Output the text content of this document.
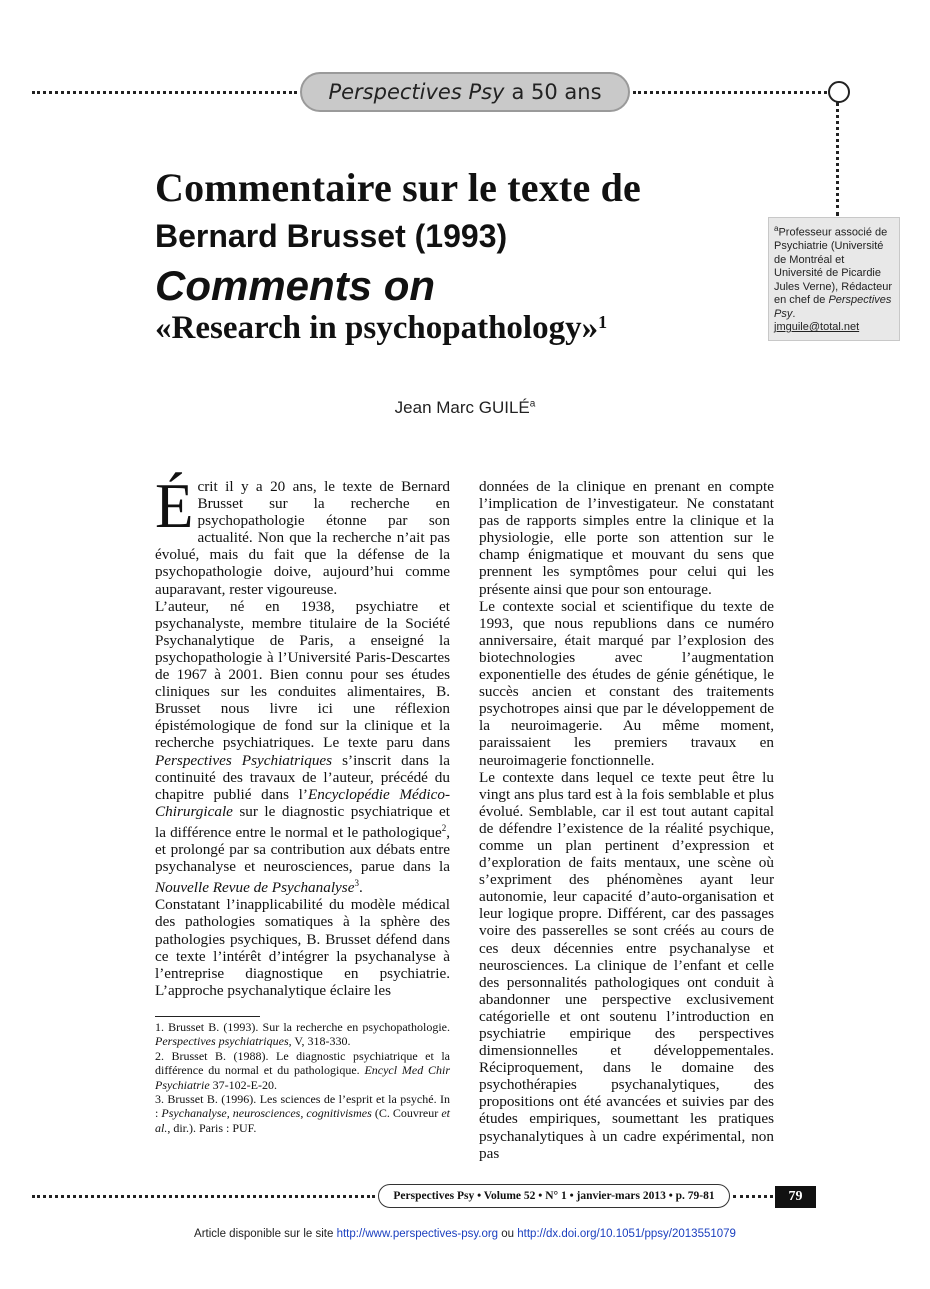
Perspectives Psy a 50 ans
Commentaire sur le texte de
Bernard Brusset (1993)
Comments on
«Research in psychopathology»$^1$
$^a$Professeur associé de Psychiatrie (Université de Montréal et Université de Picardie Jules Verne), Rédacteur en chef de Perspectives Psy.
jmguile@total.net
Jean Marc GUILÉ$^a$

Écrit il y a 20 ans, le texte de Bernard Brusset sur la recherche en psychopathologie étonne par son actualité. Non que la recherche n’ait pas évolué, mais du fait que la défense de la psychopathologie doive, aujourd’hui comme auparavant, rester vigoureuse.

L’auteur, né en 1938, psychiatre et psychanalyste, membre titulaire de la Société Psychanalytique de Paris, a enseigné la psychopathologie à l’Université Paris-Descartes de 1967 à 2001. Bien connu pour ses études cliniques sur les conduites alimentaires, B. Brusset nous livre ici une réflexion épistémologique de fond sur la clinique et la recherche psychiatriques. Le texte paru dans Perspectives Psychiatriques s’inscrit dans la continuité des travaux de l’auteur, précédé du chapitre publié dans l’Encyclopédie Médico-Chirurgicale sur le diagnostic psychiatrique et la différence entre le normal et le pathologique$^2$, et prolongé par sa contribution aux débats entre psychanalyse et neurosciences, parue dans la Nouvelle Revue de Psychanalyse$^3$.

Constatant l’inapplicabilité du modèle médical des pathologies somatiques à la sphère des pathologies psychiques, B. Brusset défend dans ce texte l’intérêt d’intégrer la psychanalyse à l’entreprise diagnostique en psychiatrie. L’approche psychanalytique éclaire les

données de la clinique en prenant en compte l’implication de l’investigateur. Ne constatant pas de rapports simples entre la clinique et la physiologie, elle porte son attention sur le champ énigmatique et mouvant du sens que prennent les symptômes pour celui qui les présente ainsi que pour son entourage.

Le contexte social et scientifique du texte de 1993, que nous republions dans ce numéro anniversaire, était marqué par l’explosion des biotechnologies avec l’augmentation exponentielle des études de génie génétique, le succès ancien et constant des traitements psychotropes ainsi que par le développement de la neuroimagerie. Au même moment, paraissaient les premiers travaux en neuroimagerie fonctionnelle.

Le contexte dans lequel ce texte peut être lu vingt ans plus tard est à la fois semblable et plus évolué. Semblable, car il est tout autant capital de défendre l’existence de la réalité psychique, comme un plan pertinent d’expression et d’exploration de faits mentaux, une scène où s’expriment des phénomènes ayant leur autonomie, leur capacité d’auto-organisation et leur logique propre. Différent, car des passages voire des passerelles se sont créés au cours de ces deux décennies entre psychanalyse et neurosciences. La clinique de l’enfant et celle des personnalités pathologiques ont conduit à abandonner une perspective exclusivement catégorielle et ont soutenu l’introduction en psychiatrie empirique des perspectives dimensionnelles et développementales. Réciproquement, dans le domaine des psychothérapies psychanalytiques, des propositions ont été avancées et suivies par des études empiriques, soumettant les pratiques psychanalytiques à un cadre expérimental, non pas

1. Brusset B. (1993). Sur la recherche en psychopathologie. Perspectives psychiatriques, V, 318-330.

2. Brusset B. (1988). Le diagnostic psychiatrique et la différence du normal et du pathologique. Encycl Med Chir Psychiatrie 37-102-E-20.

3. Brusset B. (1996). Les sciences de l’esprit et la psyché. In : Psychanalyse, neurosciences, cognitivismes (C. Couvreur et al., dir.). Paris : PUF.

Perspectives Psy • Volume 52 • N° 1 • janvier-mars 2013 • p. 79-81	79
Article disponible sur le site http://www.perspectives-psy.org ou http://dx.doi.org/10.1051/ppsy/2013551079
